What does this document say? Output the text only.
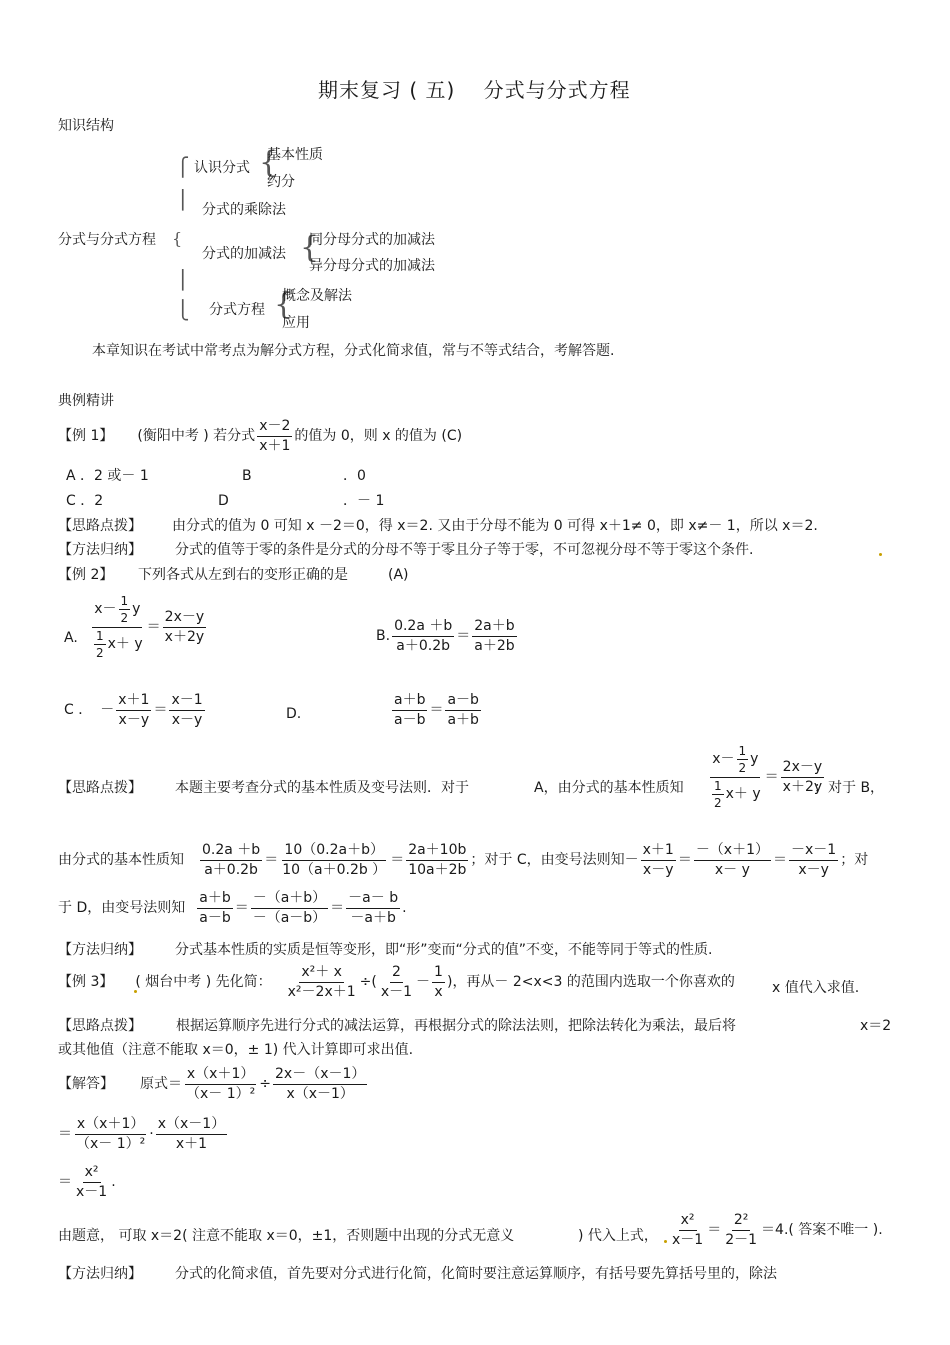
期末复习 ( 五)　 分式与分式方程
知识结构
分式与分式方程 {
⎧
⎪
⎪
⎩
认识分式 {
基本性质
约分
分式的乘除法
分式的加减法 {
同分母分式的加减法
异分母分式的加减法
分式方程 {
概念及解法
应用
本章知识在考试中常考点为解分式方程，分式化简求值，常与不等式结合，考解答题.
典例精讲
【例 1】 (衡阳中考 ) 若分式 $\frac{x-2}{x+1}$ 的值为 0，则 x 的值为 (C)
A ．2 或－ 1	B	．0
C ．2	D	．－ 1
【思路点拨】 由分式的值为 0 可知 x －2＝0，得 x＝2. 又由于分母不能为 0 可得 x＋1≠ 0，即 x≠－ 1，所以 x＝2.
【方法归纳】 分式的值等于零的条件是分式的分母不等于零且分子等于零，不可忽视分母不等于零这个条件.
【例 2】 下列各式从左到右的变形正确的是	(A)
A. $\frac{x- \frac{1}{2} y}{\frac{1}{2} x+ y} = \frac{2x-y}{x+2y}$	B. $\frac{0.2a +b}{a+0.2b} = \frac{2a+b}{a+2b}$
C ． － $\frac{x+1}{x-y} = \frac{x-1}{x-y}$	D.	$\frac{a+b}{a-b} = \frac{a-b}{a+b}$
【思路点拨】 本题主要考查分式的基本性质及变号法则．对于	A，由分式的基本性质知 $\frac{x- \frac{1}{2} y}{\frac{1}{2} x+ y} = \frac{2x-y}{x+2y}$
；对于 B，
由分式的基本性质知 $\frac{0.2a +b}{a+0.2b} = \frac{10(0.2a+b)}{10(a+0.2b )} = \frac{2a+10b}{10a+2b}$ ；对于 C，由变号法则知－ $\frac{x+1}{x-y} = \frac{-(x+1)}{x- y} = \frac{-x-1}{x-y}$ ；对
于 D，由变号法则知 $\frac{a+b}{a-b} = \frac{-(a+b)}{-(a-b)} = \frac{-a- b}{-a+b}$ .
【方法归纳】 分式基本性质的实质是恒等变形，即“形”变而“分式的值”不变，不能等同于等式的性质.
【例 3】 ( 烟台中考 ) 先化简： $\frac{\text{x²＋ x}}{\text{x²－2x＋1}}$ ÷ ( $\frac{2}{x-1} - \frac{1}{x}$ ) ，再从－ 2<x<3 的范围内选取一个你喜欢的	x 值代入求值.
【思路点拨】 根据运算顺序先进行分式的减法运算，再根据分式的除法法则，把除法转化为乘法，最后将	x＝2
或其他值（注意不能取 x＝0，± 1) 代入计算即可求出值.
【解答】 原式＝ $\frac{x(x+1)}{\text{（x－ 1）²}} \div \frac{2x-(x-1)}{x(x-1)}$
＝ $\frac{x(x+1)}{\text{（x－ 1）²}} \cdot \frac{x(x-1)}{x+1}$
＝ $\frac{\text{x²}}{x-1}$ .
由题意， 可取 x＝2( 注意不能取 x＝0，±1，否则题中出现的分式无意义	) 代入上式， $\frac{\text{x²}}{x-1} = \frac{\text{2²}}{2-1} =4$.( 答案不唯一 ).
【方法归纳】 分式的化简求值，首先要对分式进行化简，化简时要注意运算顺序，有括号要先算括号里的，除法
